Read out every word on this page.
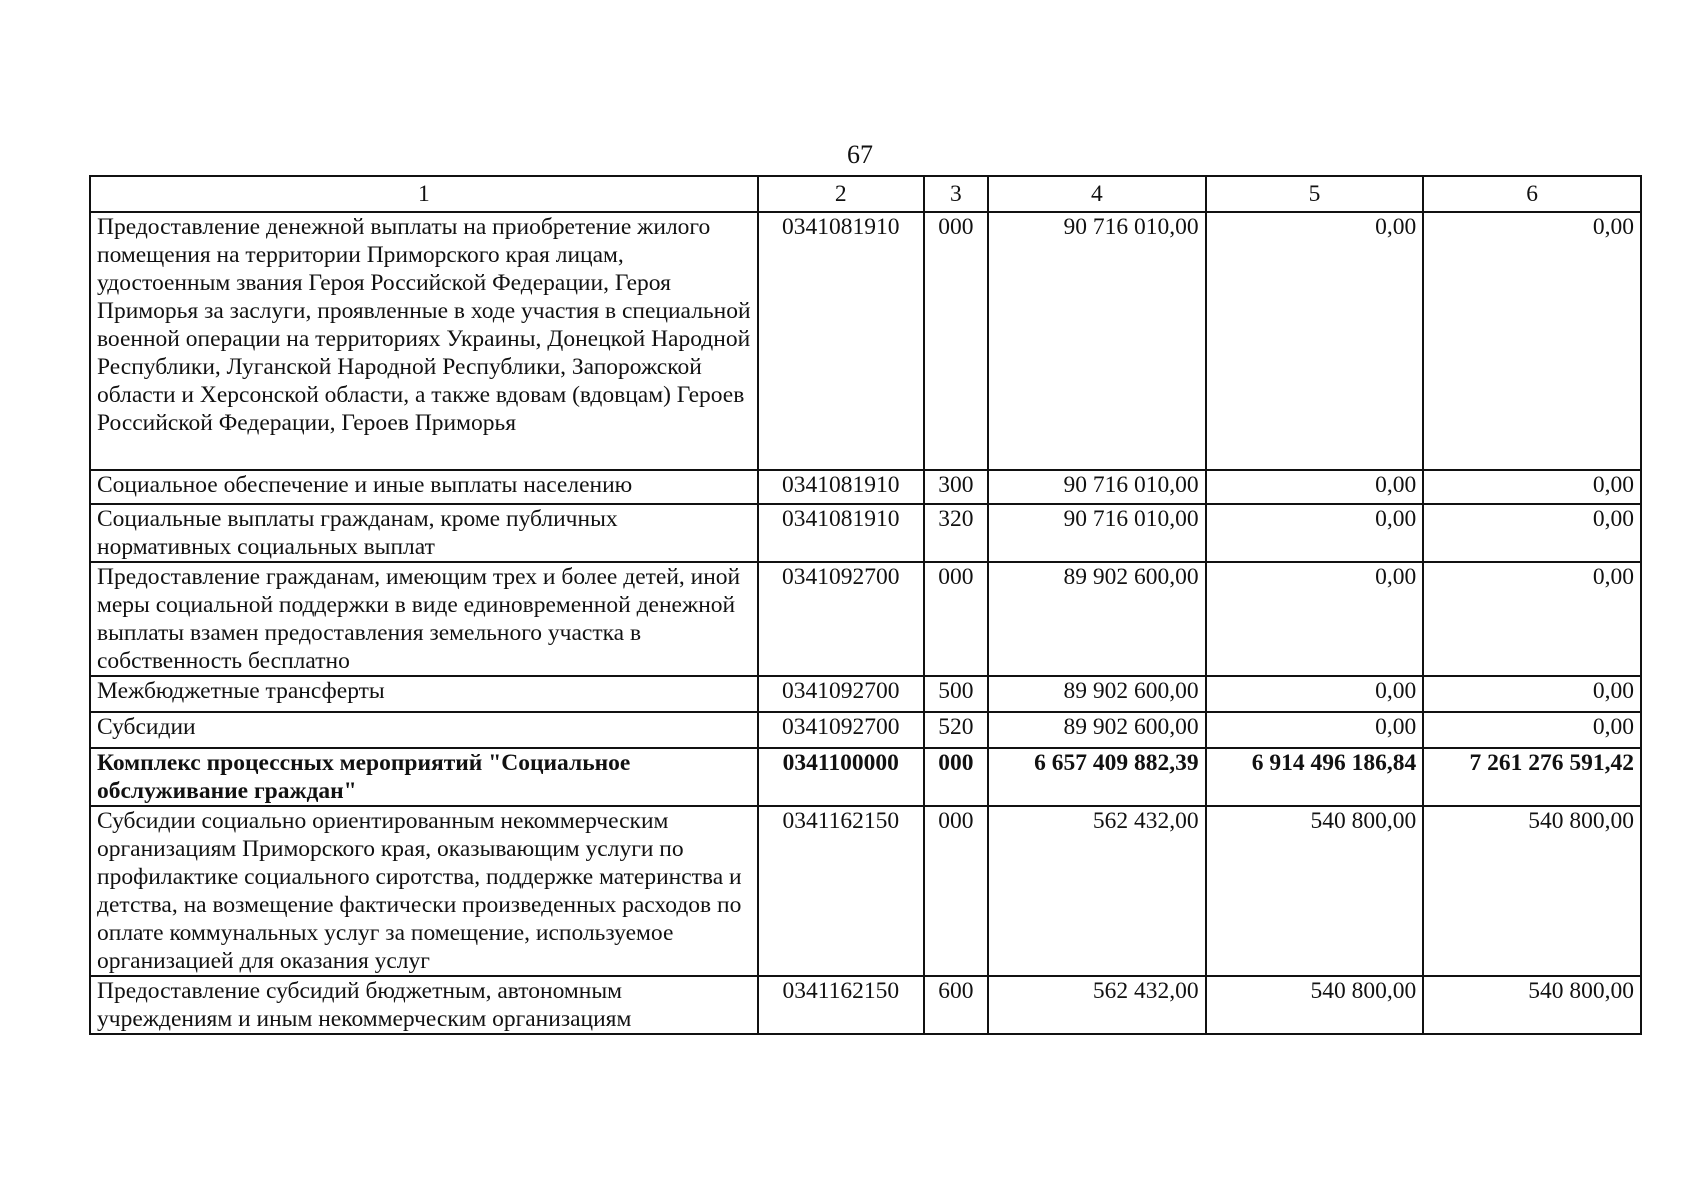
67
1	2	3	4	5	6
Предоставление денежной выплаты на приобретение жилого помещения на территории Приморского края лицам, удостоенным звания Героя Российской Федерации, Героя Приморья за заслуги, проявленные в ходе участия в специальной военной операции на территориях Украины, Донецкой Народной Республики, Луганской Народной Республики, Запорожской области и Херсонской области, а также вдовам (вдовцам) Героев Российской Федерации, Героев Приморья	0341081910	000	90 716 010,00	0,00	0,00
Социальное обеспечение и иные выплаты населению	0341081910	300	90 716 010,00	0,00	0,00
Социальные выплаты гражданам, кроме публичных нормативных социальных выплат	0341081910	320	90 716 010,00	0,00	0,00
Предоставление гражданам, имеющим трех и более детей, иной меры социальной поддержки в виде единовременной денежной выплаты взамен предоставления земельного участка в собственность бесплатно	0341092700	000	89 902 600,00	0,00	0,00
Межбюджетные трансферты	0341092700	500	89 902 600,00	0,00	0,00
Субсидии	0341092700	520	89 902 600,00	0,00	0,00
Комплекс процессных мероприятий "Социальное обслуживание граждан"	0341100000	000	6 657 409 882,39	6 914 496 186,84	7 261 276 591,42
Субсидии социально ориентированным некоммерческим организациям Приморского края, оказывающим услуги по профилактике социального сиротства, поддержке материнства и детства, на возмещение фактически произведенных расходов по оплате коммунальных услуг за помещение, используемое организацией для оказания услуг	0341162150	000	562 432,00	540 800,00	540 800,00
Предоставление субсидий бюджетным, автономным учреждениям и иным некоммерческим организациям	0341162150	600	562 432,00	540 800,00	540 800,00
